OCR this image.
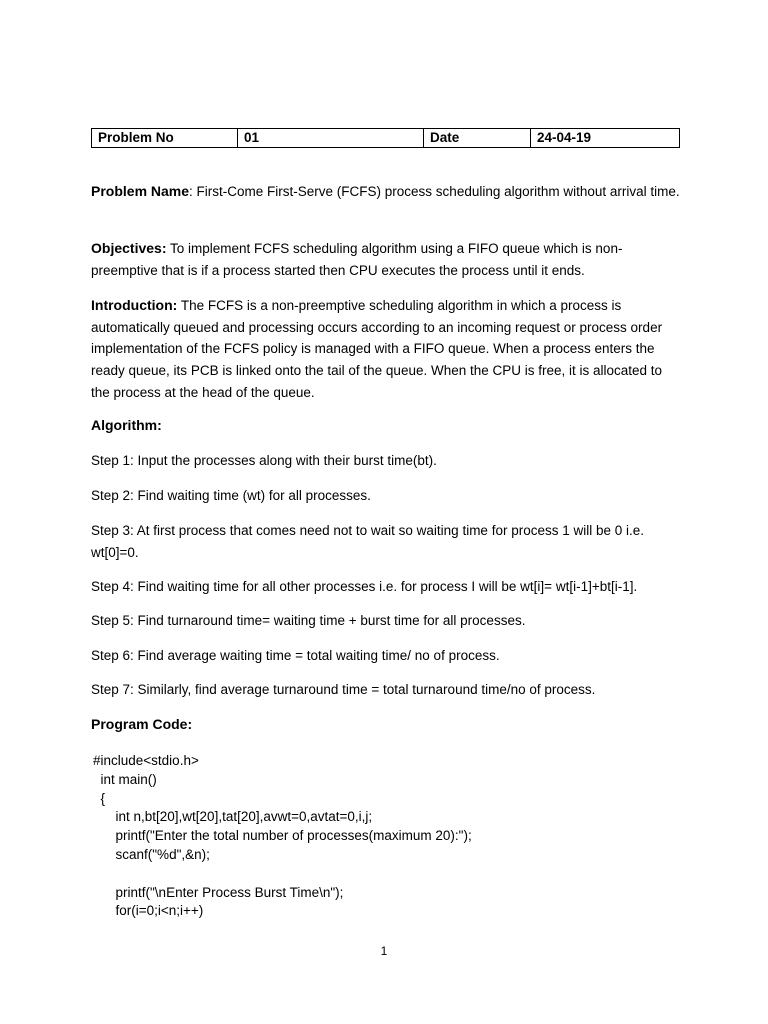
Problem No	01	Date	24-04-19

Problem Name: First-Come First-Serve (FCFS) process scheduling algorithm without arrival time.

Objectives: To implement FCFS scheduling algorithm using a FIFO queue which is non-preemptive that is if a process started then CPU executes the process until it ends.

Introduction: The FCFS is a non-preemptive scheduling algorithm in which a process is automatically queued and processing occurs according to an incoming request or process order implementation of the FCFS policy is managed with a FIFO queue. When a process enters the ready queue, its PCB is linked onto the tail of the queue. When the CPU is free, it is allocated to the process at the head of the queue.

Algorithm:

Step 1: Input the processes along with their burst time(bt).

Step 2: Find waiting time (wt) for all processes.

Step 3: At first process that comes need not to wait so waiting time for process 1 will be 0 i.e. wt[0]=0.

Step 4: Find waiting time for all other processes i.e. for process I will be wt[i]= wt[i-1]+bt[i-1].

Step 5: Find turnaround time= waiting time + burst time for all processes.

Step 6: Find average waiting time = total waiting time/ no of process.

Step 7: Similarly, find average turnaround time = total turnaround time/no of process.

Program Code:

#include<stdio.h>
int main()
{
int n,bt[20],wt[20],tat[20],avwt=0,avtat=0,i,j;
printf("Enter the total number of processes(maximum 20):");
scanf("%d",&n);
printf("\nEnter Process Burst Time\n");
for(i=0;i<n;i++)
1
